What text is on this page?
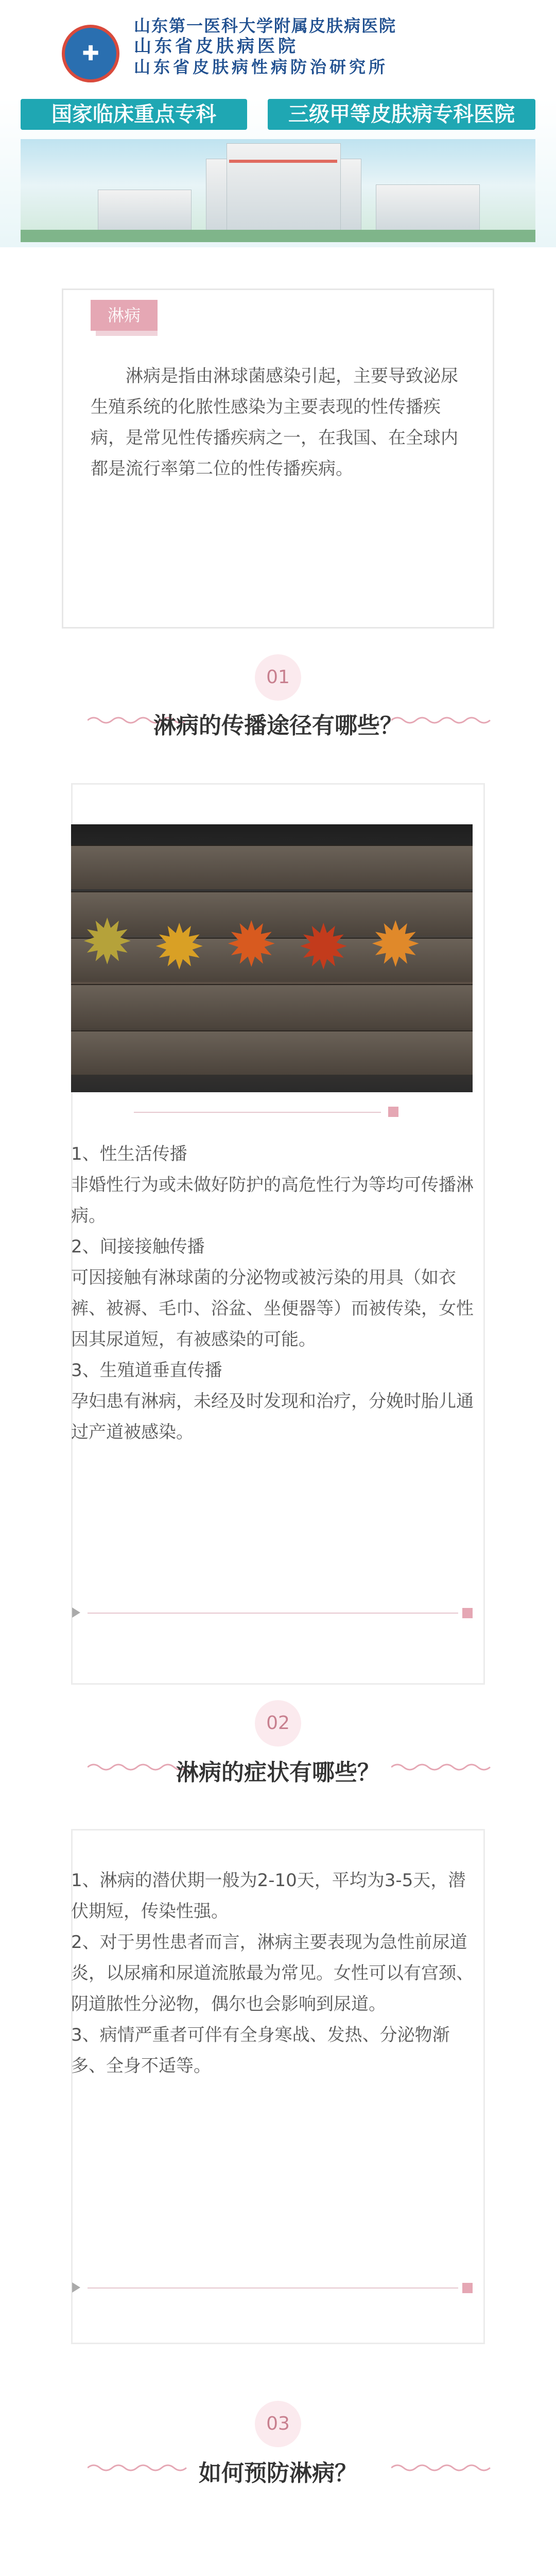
✚
山东第一医科大学附属皮肤病医院
山东省皮肤病医院
山东省皮肤病性病防治研究所
国家临床重点专科	三级甲等皮肤病专科医院
淋病
淋病是指由淋球菌感染引起，主要导致泌尿生殖系统的化脓性感染为主要表现的性传播疾病，是常见性传播疾病之一，在我国、在全球内都是流行率第二位的性传播疾病。
01
淋病的传播途径有哪些？
✹ ✹ ✹ ✹ ✹
1、性生活传播
非婚性行为或未做好防护的高危性行为等均可传播淋病。
2、间接接触传播
可因接触有淋球菌的分泌物或被污染的用具（如衣裤、被褥、毛巾、浴盆、坐便器等）而被传染，女性因其尿道短，有被感染的可能。
3、生殖道垂直传播
孕妇患有淋病，未经及时发现和治疗，分娩时胎儿通过产道被感染。
02
淋病的症状有哪些？
1、淋病的潜伏期一般为2-10天，平均为3-5天，潜伏期短，传染性强。
2、对于男性患者而言，淋病主要表现为急性前尿道炎，以尿痛和尿道流脓最为常见。女性可以有宫颈、阴道脓性分泌物，偶尔也会影响到尿道。
3、病情严重者可伴有全身寒战、发热、分泌物渐多、全身不适等。
03
如何预防淋病？
